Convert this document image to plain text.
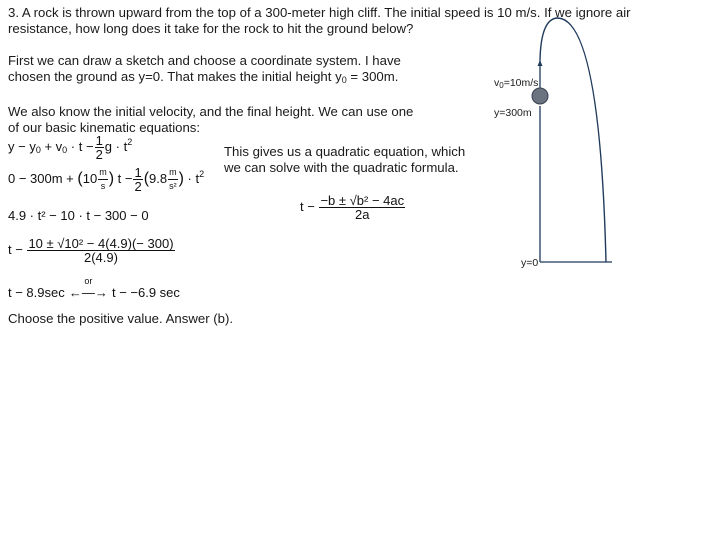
3. A rock is thrown upward from the top of a 300-meter high cliff. The initial speed is 10 m/s. If we ignore air
resistance, how long does it take for the rock to hit the ground below?
First we can draw a sketch and choose a coordinate system. I have
chosen the ground as y=0. That makes the initial height $y_0 = 300m$.
We also know the initial velocity, and the final height. We can use one
of our basic kinematic equations:
This gives us a quadratic equation, which
we can solve with the quadratic formula.
$y - y_0 + v_0 \cdot t - \frac{1}{2}$ $g \cdot t^2$
$0 - 300m + (10 \frac{m}{s}$ ) $t - \frac{1}{2} (9.8 \frac{m}{\text{s²}}$ ) · $t^2$
4.9 · t² − 10 · t − 300 − 0
$t - \frac{\text{−b ± √b² − 4ac}}{2a}$
$t - \frac{\text{10 ± √10² − 4(4.9)(− 300)}}{2(4.9)}$
t − 8.9sec
or
←—→ t − −6.9 sec
Choose the positive value. Answer (b).
v0=10m/s
y=300m
y=0
